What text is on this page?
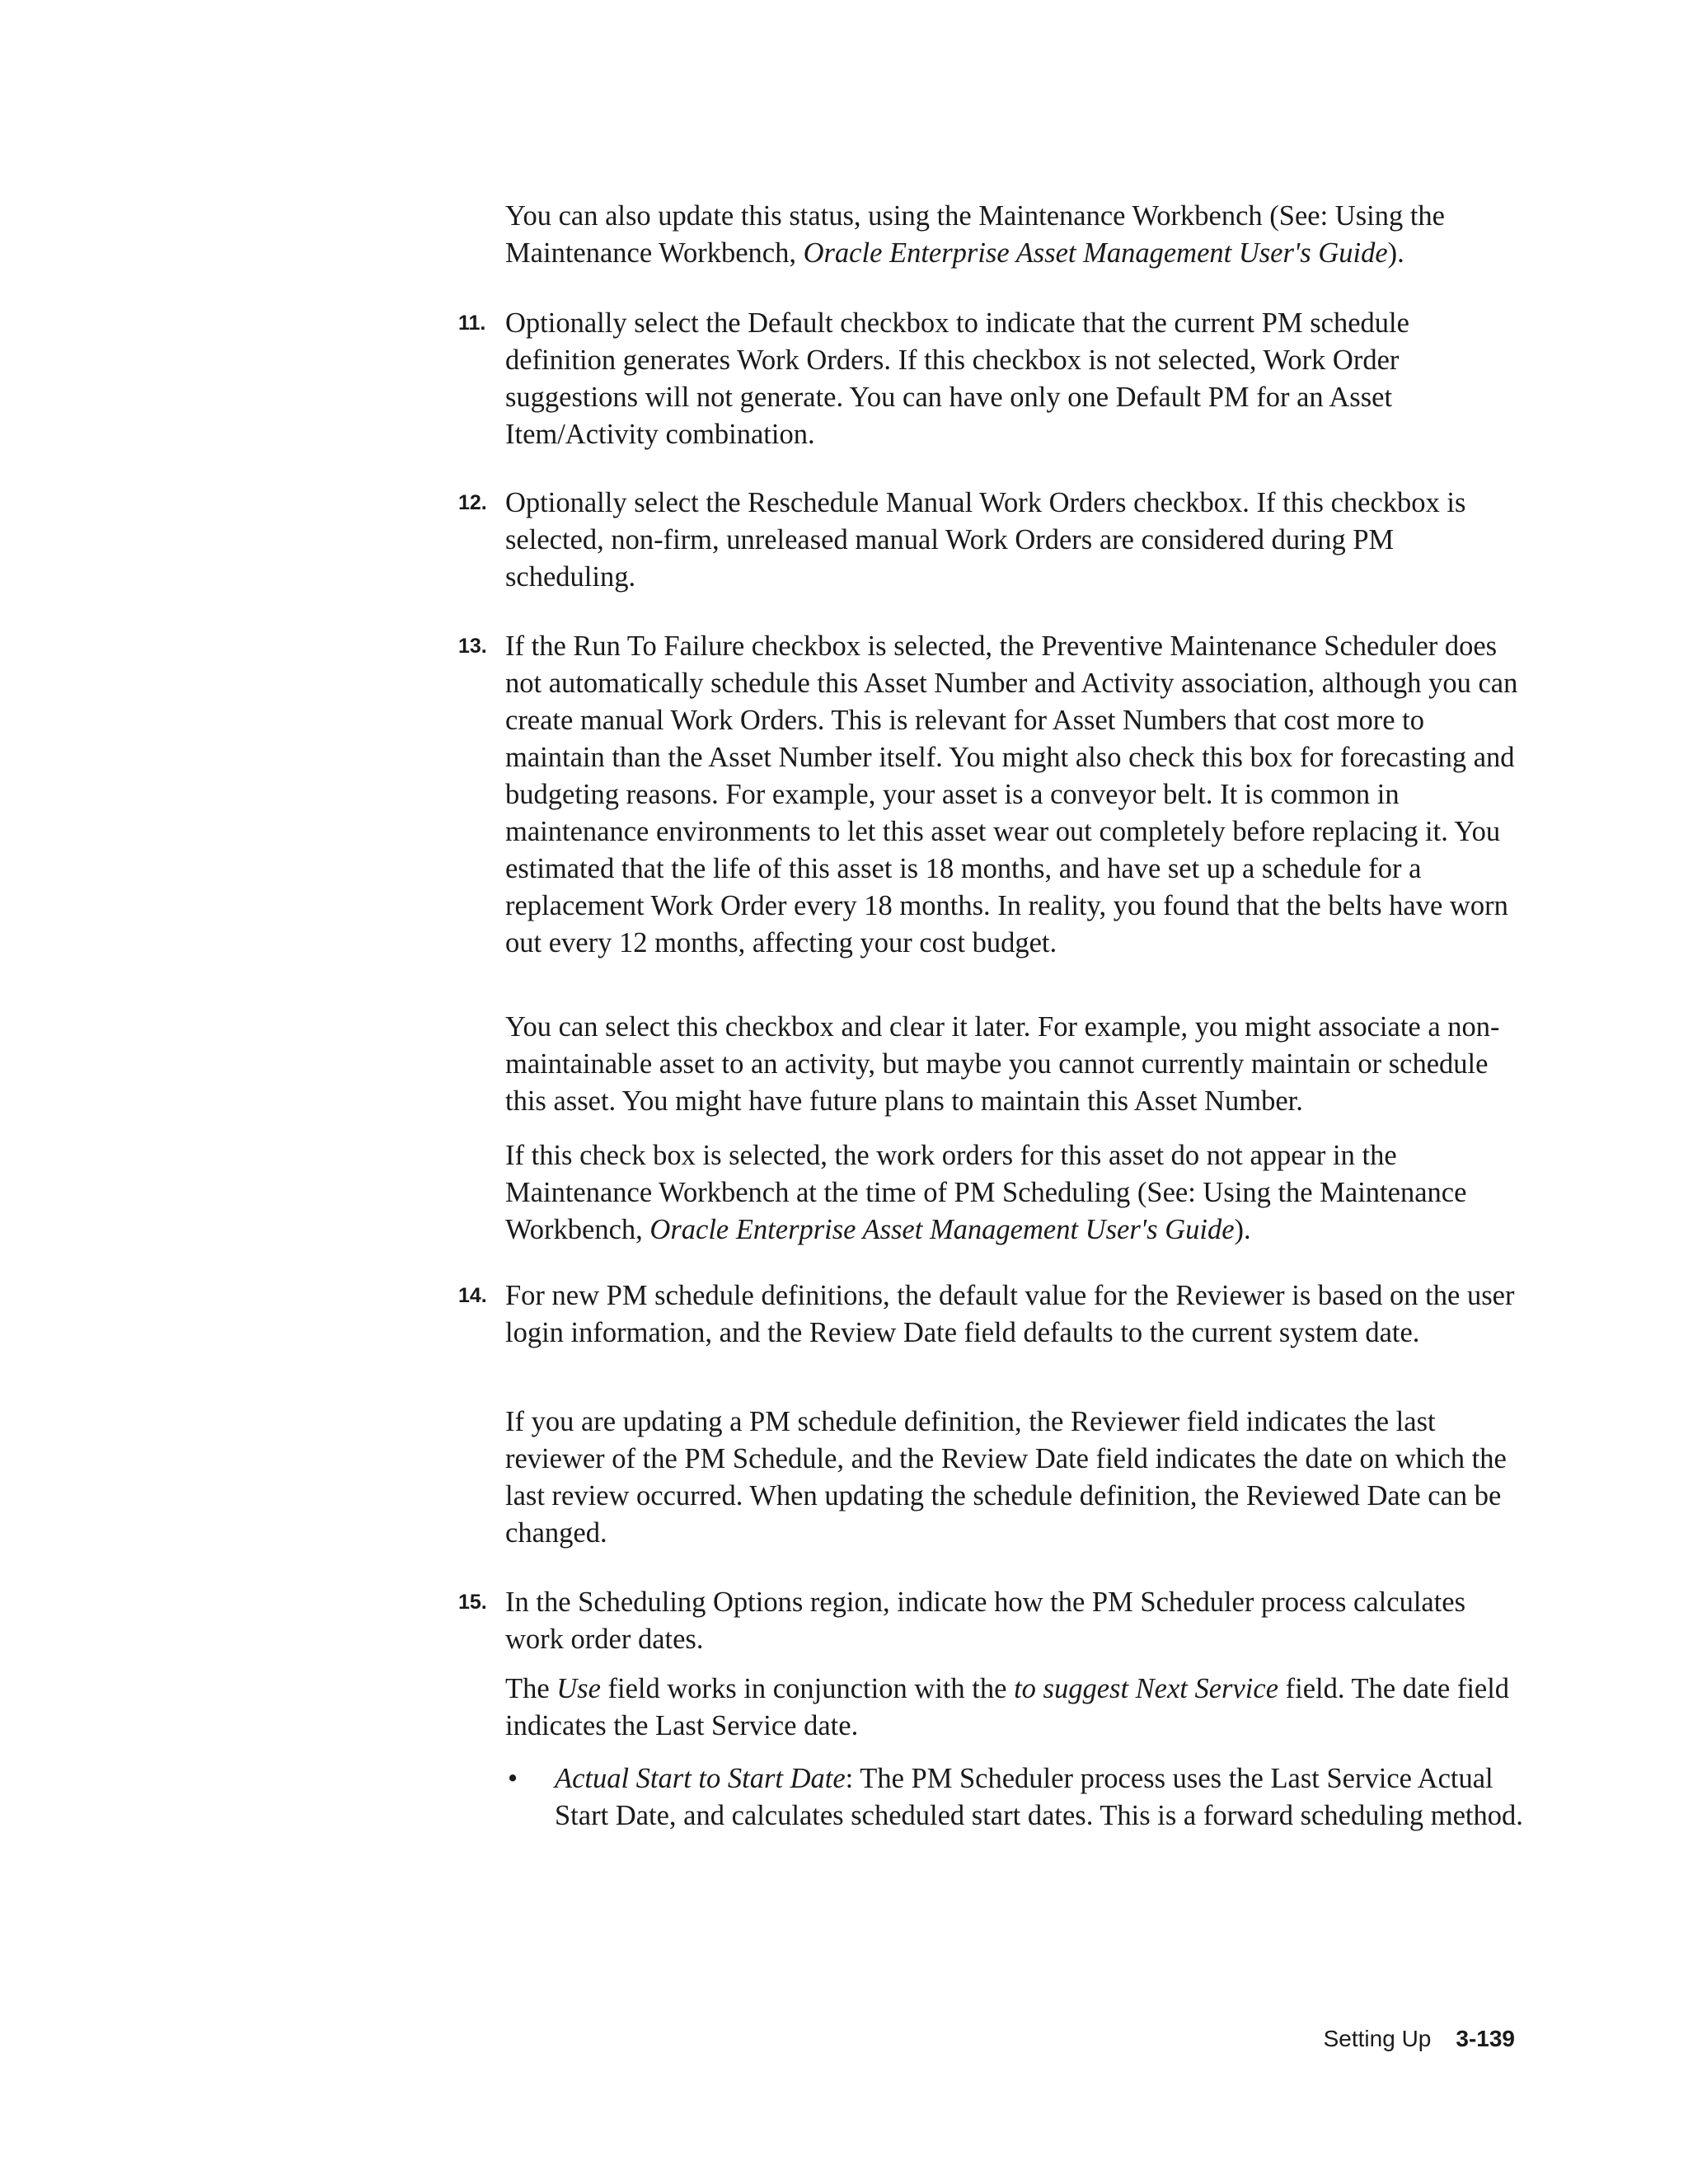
You can also update this status, using the Maintenance Workbench (See: Using the Maintenance Workbench, Oracle Enterprise Asset Management User's Guide).

11. Optionally select the Default checkbox to indicate that the current PM schedule definition generates Work Orders. If this checkbox is not selected, Work Order suggestions will not generate. You can have only one Default PM for an Asset Item/Activity combination.

12. Optionally select the Reschedule Manual Work Orders checkbox. If this checkbox is selected, non-firm, unreleased manual Work Orders are considered during PM scheduling.

13. If the Run To Failure checkbox is selected, the Preventive Maintenance Scheduler does not automatically schedule this Asset Number and Activity association, although you can create manual Work Orders. This is relevant for Asset Numbers that cost more to maintain than the Asset Number itself. You might also check this box for forecasting and budgeting reasons. For example, your asset is a conveyor belt. It is common in maintenance environments to let this asset wear out completely before replacing it. You estimated that the life of this asset is 18 months, and have set up a schedule for a replacement Work Order every 18 months. In reality, you found that the belts have worn out every 12 months, affecting your cost budget.

You can select this checkbox and clear it later. For example, you might associate a non-maintainable asset to an activity, but maybe you cannot currently maintain or schedule this asset. You might have future plans to maintain this Asset Number.

If this check box is selected, the work orders for this asset do not appear in the Maintenance Workbench at the time of PM Scheduling (See: Using the Maintenance Workbench, Oracle Enterprise Asset Management User's Guide).

14. For new PM schedule definitions, the default value for the Reviewer is based on the user login information, and the Review Date field defaults to the current system date.

If you are updating a PM schedule definition, the Reviewer field indicates the last reviewer of the PM Schedule, and the Review Date field indicates the date on which the last review occurred. When updating the schedule definition, the Reviewed Date can be changed.

15. In the Scheduling Options region, indicate how the PM Scheduler process calculates work order dates.

The Use field works in conjunction with the to suggest Next Service field. The date field indicates the Last Service date.

• Actual Start to Start Date: The PM Scheduler process uses the Last Service Actual Start Date, and calculates scheduled start dates. This is a forward scheduling method.

Setting Up 3-139
